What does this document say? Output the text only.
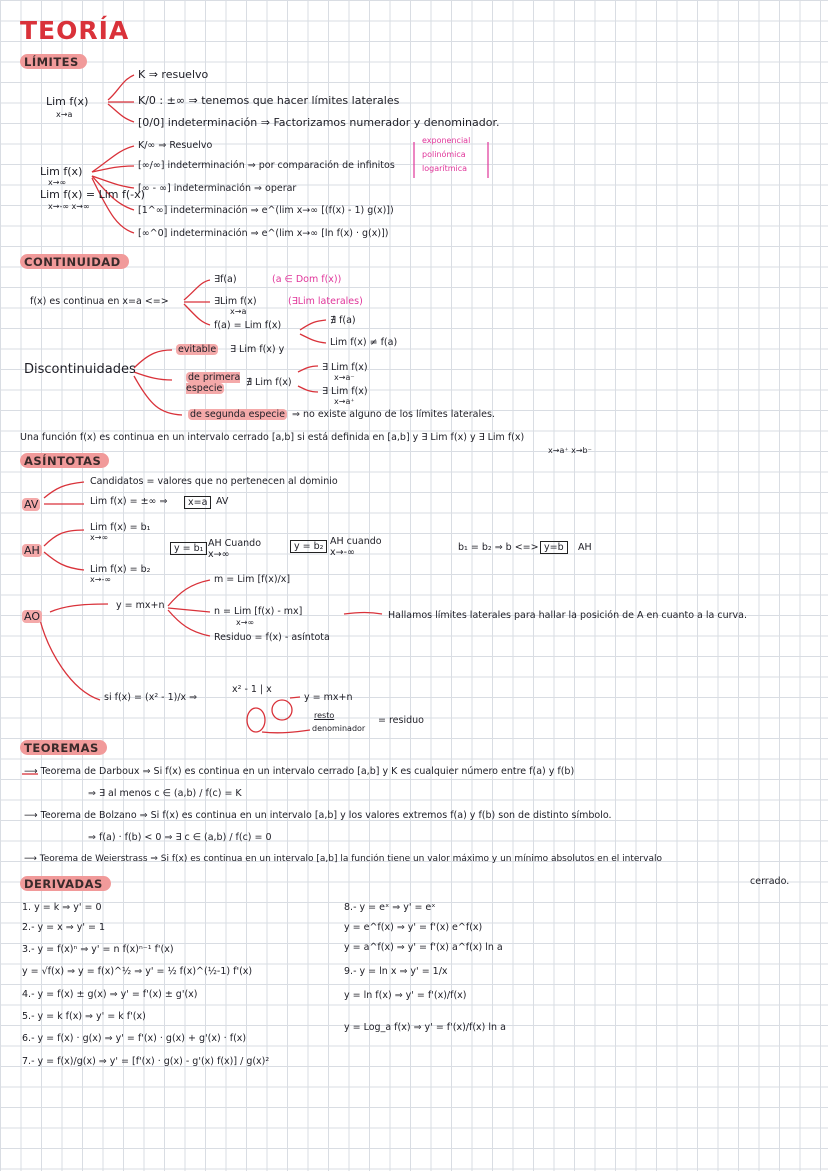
TEORÍA
LÍMITES
Lim f(x)
x→a
K ⇒ resuelvo
K/0 : ±∞ ⇒ tenemos que hacer límites laterales
[0/0] indeterminación ⇒ Factorizamos numerador y denominador.
Lim f(x)
x→∞
Lim f(x) = Lim f(-x)
x→-∞ x→∞
K/∞ ⇒ Resuelvo
[∞/∞] indeterminación ⇒ por comparación de infinitos
[∞ - ∞] indeterminación ⇒ operar
[1^∞] indeterminación ⇒ e^(lim x→∞ [(f(x) - 1) g(x)])
[∞^0] indeterminación ⇒ e^(lim x→∞ [ln f(x) · g(x)])
exponencial
polinómica
logarítmica
CONTINUIDAD
f(x) es continua en x=a <=>
∃f(a)	(a ∈ Dom f(x))
∃Lim f(x)
x→a
(∃Lim laterales)
f(a) = Lim f(x)
Discontinuidades
evitable ∃ Lim f(x) y
∄ f(a)
Lim f(x) ≠ f(a)
de primera especie
∄ Lim f(x)
∃ Lim f(x)
x→a⁻
∃ Lim f(x)
x→a⁺
de segunda especie ⇒ no existe alguno de los límites laterales.
Una función f(x) es continua en un intervalo cerrado [a,b] si está definida en [a,b] y ∃ Lim f(x) y ∃ Lim f(x)
x→a⁺ x→b⁻
ASÍNTOTAS
AV
Candidatos = valores que no pertenecen al dominio
Lim f(x) = ±∞ ⇒	x=a AV
AH
Lim f(x) = b₁
x→∞
Lim f(x) = b₂
x→-∞
y = b₁ AH Cuando x→∞
y = b₂ AH cuando x→-∞	b₁ = b₂ ⇒ b <=> y=b	AH
AO
y = mx+n
m = Lim [f(x)/x]
n = Lim [f(x) - mx]
x→∞
Residuo = f(x) - asíntota
Hallamos límites laterales para hallar la posición de A en cuanto a la curva.
si f(x) = (x² - 1)/x ⇒
x² - 1 | x
y = mx+n
resto
denominador
= residuo
TEOREMAS
⟶ Teorema de Darboux ⇒ Si f(x) es continua en un intervalo cerrado [a,b] y K es cualquier número entre f(a) y f(b)
⇒ ∃ al menos c ∈ (a,b) / f(c) = K
⟶ Teorema de Bolzano ⇒ Si f(x) es continua en un intervalo [a,b] y los valores extremos f(a) y f(b) son de distinto símbolo.
⇒ f(a) · f(b) < 0 ⇒ ∃ c ∈ (a,b) / f(c) = 0
⟶ Teorema de Weierstrass ⇒ Si f(x) es continua en un intervalo [a,b] la función tiene un valor máximo y un mínimo absolutos en el intervalo
cerrado.
DERIVADAS
1. y = k ⇒ y' = 0
2.- y = x ⇒ y' = 1
3.- y = f(x)ⁿ ⇒ y' = n f(x)ⁿ⁻¹ f'(x)
y = √f(x) ⇒ y = f(x)^½ ⇒ y' = ½ f(x)^(½-1) f'(x)
4.- y = f(x) ± g(x) ⇒ y' = f'(x) ± g'(x)
5.- y = k f(x) ⇒ y' = k f'(x)
6.- y = f(x) · g(x) ⇒ y' = f'(x) · g(x) + g'(x) · f(x)
7.- y = f(x)/g(x) ⇒ y' = [f'(x) · g(x) - g'(x) f(x)] / g(x)²
8.- y = eˣ ⇒ y' = eˣ
y = e^f(x) ⇒ y' = f'(x) e^f(x)
y = a^f(x) ⇒ y' = f'(x) a^f(x) ln a
9.- y = ln x ⇒ y' = 1/x
y = ln f(x) ⇒ y' = f'(x)/f(x)
y = Log_a f(x) ⇒ y' = f'(x)/f(x) ln a
